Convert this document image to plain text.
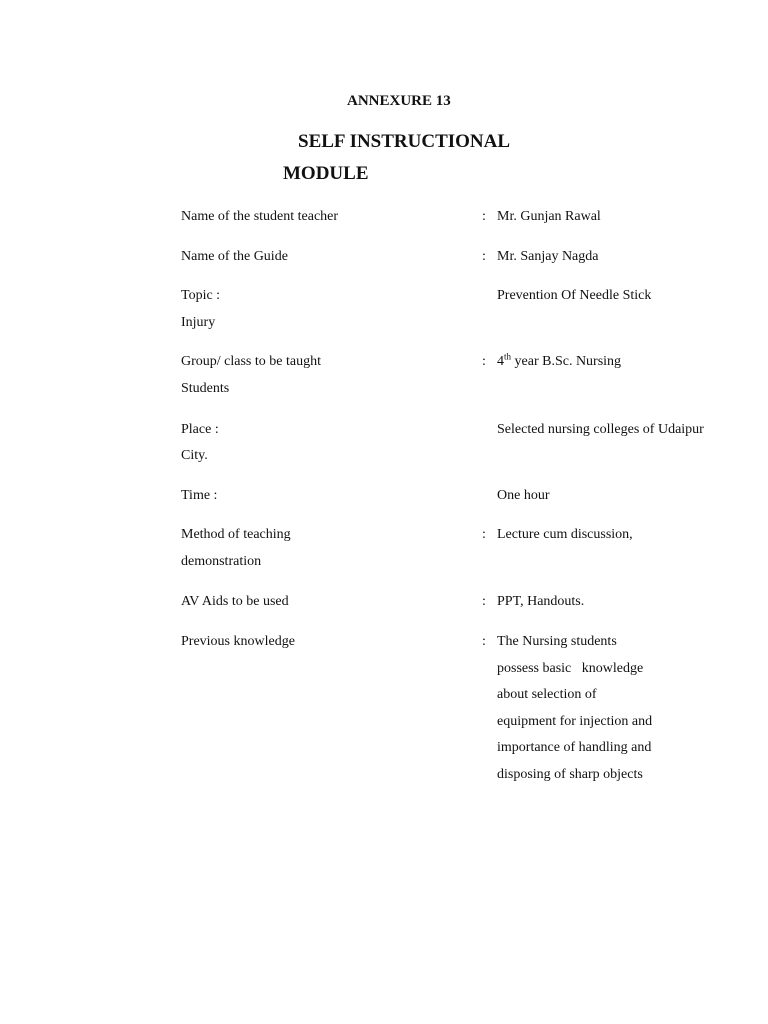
ANNEXURE 13
SELF INSTRUCTIONAL
MODULE
Name of the student teacher	: Mr. Gunjan Rawal
Name of the Guide	: Mr. Sanjay Nagda
Topic :	Prevention Of Needle Stick
Injury
Group/ class to be taught	: 4th year B.Sc. Nursing
Students
Place :	Selected nursing colleges of Udaipur
City.
Time :	One hour
Method of teaching	: Lecture cum discussion,
demonstration
AV Aids to be used	: PPT, Handouts.
Previous knowledge	: The Nursing students
possess basic   knowledge
about selection of
equipment for injection and
importance of handling and
disposing of sharp objects
